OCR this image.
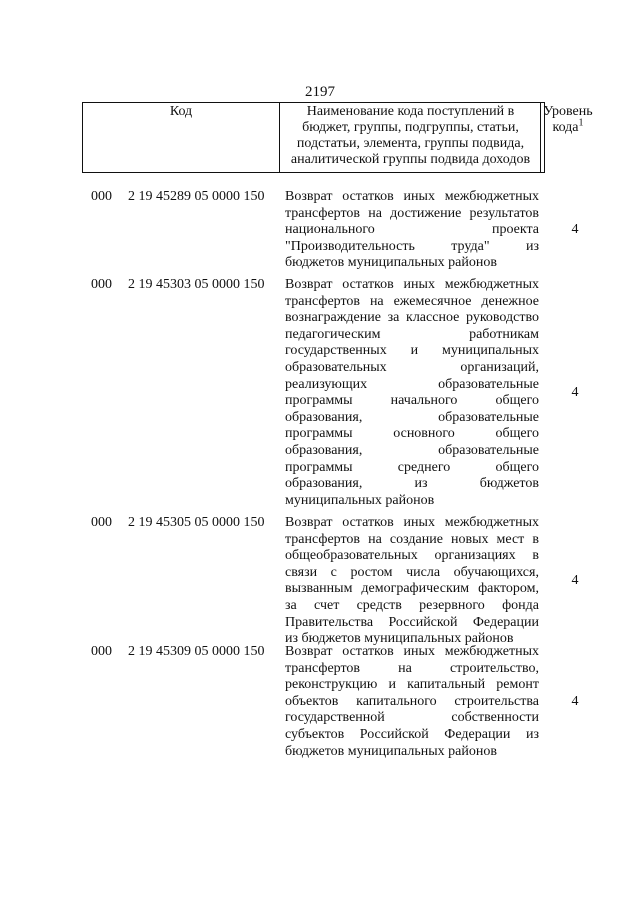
2197
Код	Наименование кода поступлений в
бюджет, группы, подгруппы, статьи,
подстатьи, элемента, группы подвида,
аналитической группы подвида доходов
Уровень
кода$^1$
000 2 19 45289 05 0000 150 Возврат остатков иных межбюджетных
трансфертов на достижение результатов
национального	проекта
"Производительность	труда"	из
бюджетов муниципальных районов
4
000 2 19 45303 05 0000 150 Возврат остатков иных межбюджетных
трансфертов на ежемесячное денежное
вознаграждение за классное руководство
педагогическим	работникам
государственных и муниципальных
образовательных	организаций,
реализующих	образовательные
программы	начального	общего
образования,	образовательные
программы	основного	общего
образования,	образовательные
программы	среднего	общего
образования,	из	бюджетов
муниципальных районов
4
000 2 19 45305 05 0000 150 Возврат остатков иных межбюджетных
трансфертов на создание новых мест в
общеобразовательных организациях в
связи с ростом числа обучающихся,
вызванным демографическим фактором,
за счет средств резервного фонда
Правительства Российской Федерации
из бюджетов муниципальных районов
4
000 2 19 45309 05 0000 150 Возврат остатков иных межбюджетных
трансфертов	на	строительство,
реконструкцию и капитальный ремонт
объектов капитального строительства
государственной	собственности
субъектов Российской Федерации из
бюджетов муниципальных районов
4
